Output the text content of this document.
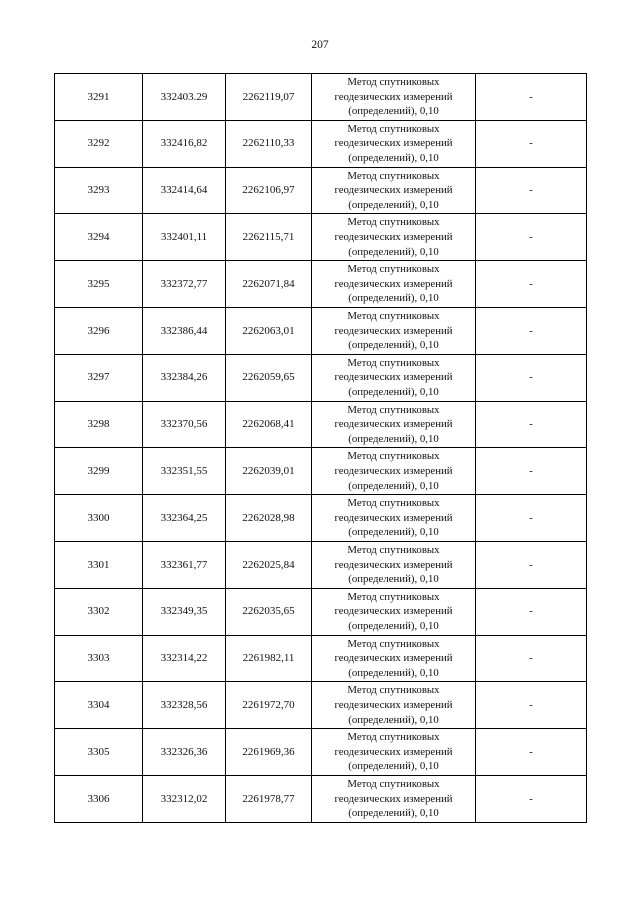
207
3291	332403.29	2262119,07	Метод спутниковых
геодезических измерений
(определений), 0,10	-
3292	332416,82	2262110,33	Метод спутниковых
геодезических измерений
(определений), 0,10	-
3293	332414,64	2262106,97	Метод спутниковых
геодезических измерений
(определений), 0,10	-
3294	332401,11	2262115,71	Метод спутниковых
геодезических измерений
(определений), 0,10	-
3295	332372,77	2262071,84	Метод спутниковых
геодезических измерений
(определений), 0,10	-
3296	332386,44	2262063,01	Метод спутниковых
геодезических измерений
(определений), 0,10	-
3297	332384,26	2262059,65	Метод спутниковых
геодезических измерений
(определений), 0,10	-
3298	332370,56	2262068,41	Метод спутниковых
геодезических измерений
(определений), 0,10	-
3299	332351,55	2262039,01	Метод спутниковых
геодезических измерений
(определений), 0,10	-
3300	332364,25	2262028,98	Метод спутниковых
геодезических измерений
(определений), 0,10	-
3301	332361,77	2262025,84	Метод спутниковых
геодезических измерений
(определений), 0,10	-
3302	332349,35	2262035,65	Метод спутниковых
геодезических измерений
(определений), 0,10	-
3303	332314,22	2261982,11	Метод спутниковых
геодезических измерений
(определений), 0,10	-
3304	332328,56	2261972,70	Метод спутниковых
геодезических измерений
(определений), 0,10	-
3305	332326,36	2261969,36	Метод спутниковых
геодезических измерений
(определений), 0,10	-
3306	332312,02	2261978,77	Метод спутниковых
геодезических измерений
(определений), 0,10	-
